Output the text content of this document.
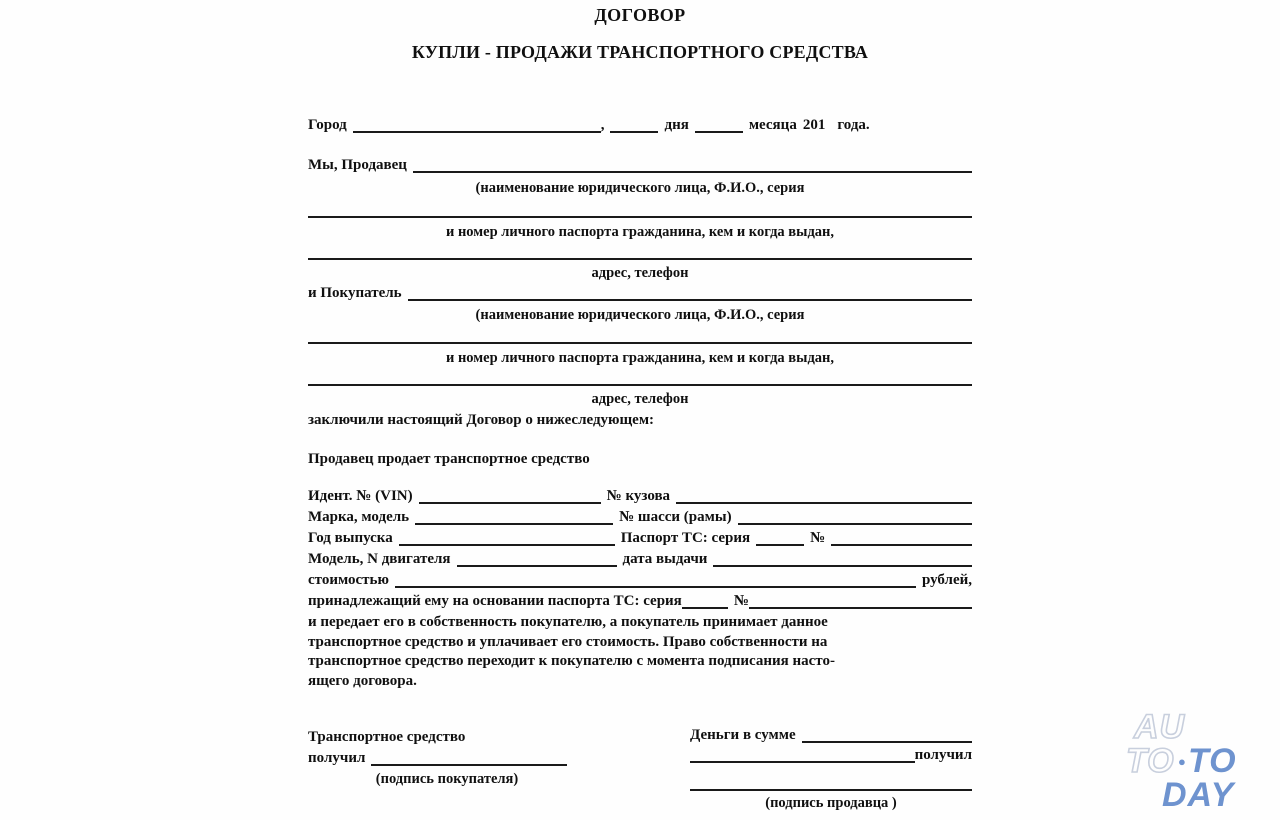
ДОГОВОР
КУПЛИ - ПРОДАЖИ ТРАНСПОРТНОГО СРЕДСТВА
Город	,	дня	месяца 201 года.
Мы, Продавец
(наименование юридического лица, Ф.И.О., серия
и номер личного паспорта гражданина, кем и когда выдан,
адрес, телефон
и Покупатель
(наименование юридического лица, Ф.И.О., серия
и номер личного паспорта гражданина, кем и когда выдан,
адрес, телефон
заключили настоящий Договор о нижеследующем:
Продавец продает транспортное средство
Идент. № (VIN)	№ кузова
Марка, модель	№ шасси (рамы)
Год выпуска	Паспорт ТС: серия	№
Модель, N двигателя	дата выдачи
стоимостью	рублей,
принадлежащий ему на основании паспорта ТС: серия	№
и передает его в собственность покупателю, а покупатель принимает данное
транспортное средство и уплачивает его стоимость. Право собственности на
транспортное средство переходит к покупателю с момента подписания насто-
ящего договора.
Транспортное средство
получил
(подпись покупателя)
Деньги в сумме
получил
(подпись продавца )
AU
TO ● TO
DAY
